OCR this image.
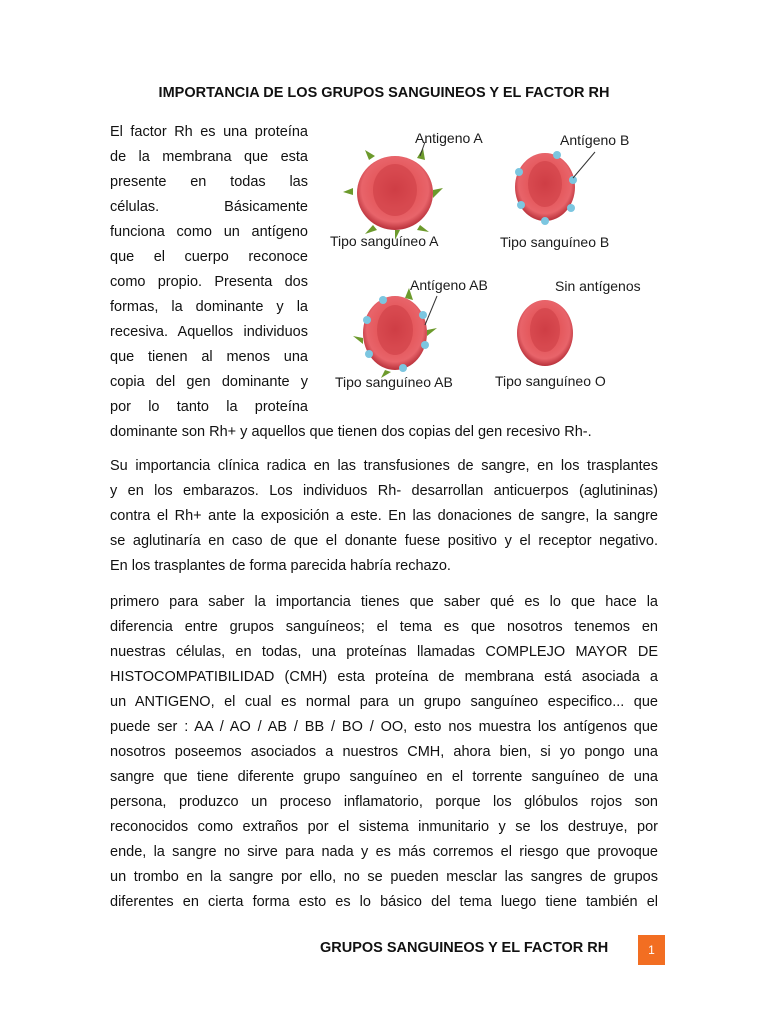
IMPORTANCIA DE LOS GRUPOS SANGUINEOS Y EL FACTOR RH
El factor Rh es una proteína
de la membrana que esta
presente en todas las
células. Básicamente
funciona como un antígeno
que el cuerpo reconoce
como propio. Presenta dos
formas, la dominante y la
recesiva. Aquellos individuos
que tienen al menos una
copia del gen dominante y
por lo tanto la proteína
dominante son Rh+ y aquellos que tienen dos copias del gen recesivo Rh-.
Antigeno A	Antígeno B
Tipo sanguíneo A	Tipo sanguíneo B
Antígeno AB	Sin antígenos
Tipo sanguíneo AB	Tipo sanguíneo O
Su importancia clínica radica en las transfusiones de sangre, en los trasplantes
y en los embarazos. Los individuos Rh- desarrollan anticuerpos (aglutininas)
contra el Rh+ ante la exposición a este. En las donaciones de sangre, la sangre
se aglutinaría en caso de que el donante fuese positivo y el receptor negativo.
En los trasplantes de forma parecida habría rechazo.
primero para saber la importancia tienes que saber qué es lo que hace la
diferencia entre grupos sanguíneos; el tema es que nosotros tenemos en
nuestras células, en todas, una proteínas llamadas COMPLEJO MAYOR DE
HISTOCOMPATIBILIDAD (CMH) esta proteína de membrana está asociada a
un ANTIGENO, el cual es normal para un grupo sanguíneo especifico... que
puede ser : AA / AO / AB / BB / BO / OO, esto nos muestra los antígenos que
nosotros poseemos asociados a nuestros CMH, ahora bien, si yo pongo una
sangre que tiene diferente grupo sanguíneo en el torrente sanguíneo de una
persona, produzco un proceso inflamatorio, porque los glóbulos rojos son
reconocidos como extraños por el sistema inmunitario y se los destruye, por
ende, la sangre no sirve para nada y es más corremos el riesgo que provoque
un trombo en la sangre por ello, no se pueden mesclar las sangres de grupos
diferentes en cierta forma esto es lo básico del tema luego tiene también el
GRUPOS SANGUINEOS Y EL FACTOR RH	1
